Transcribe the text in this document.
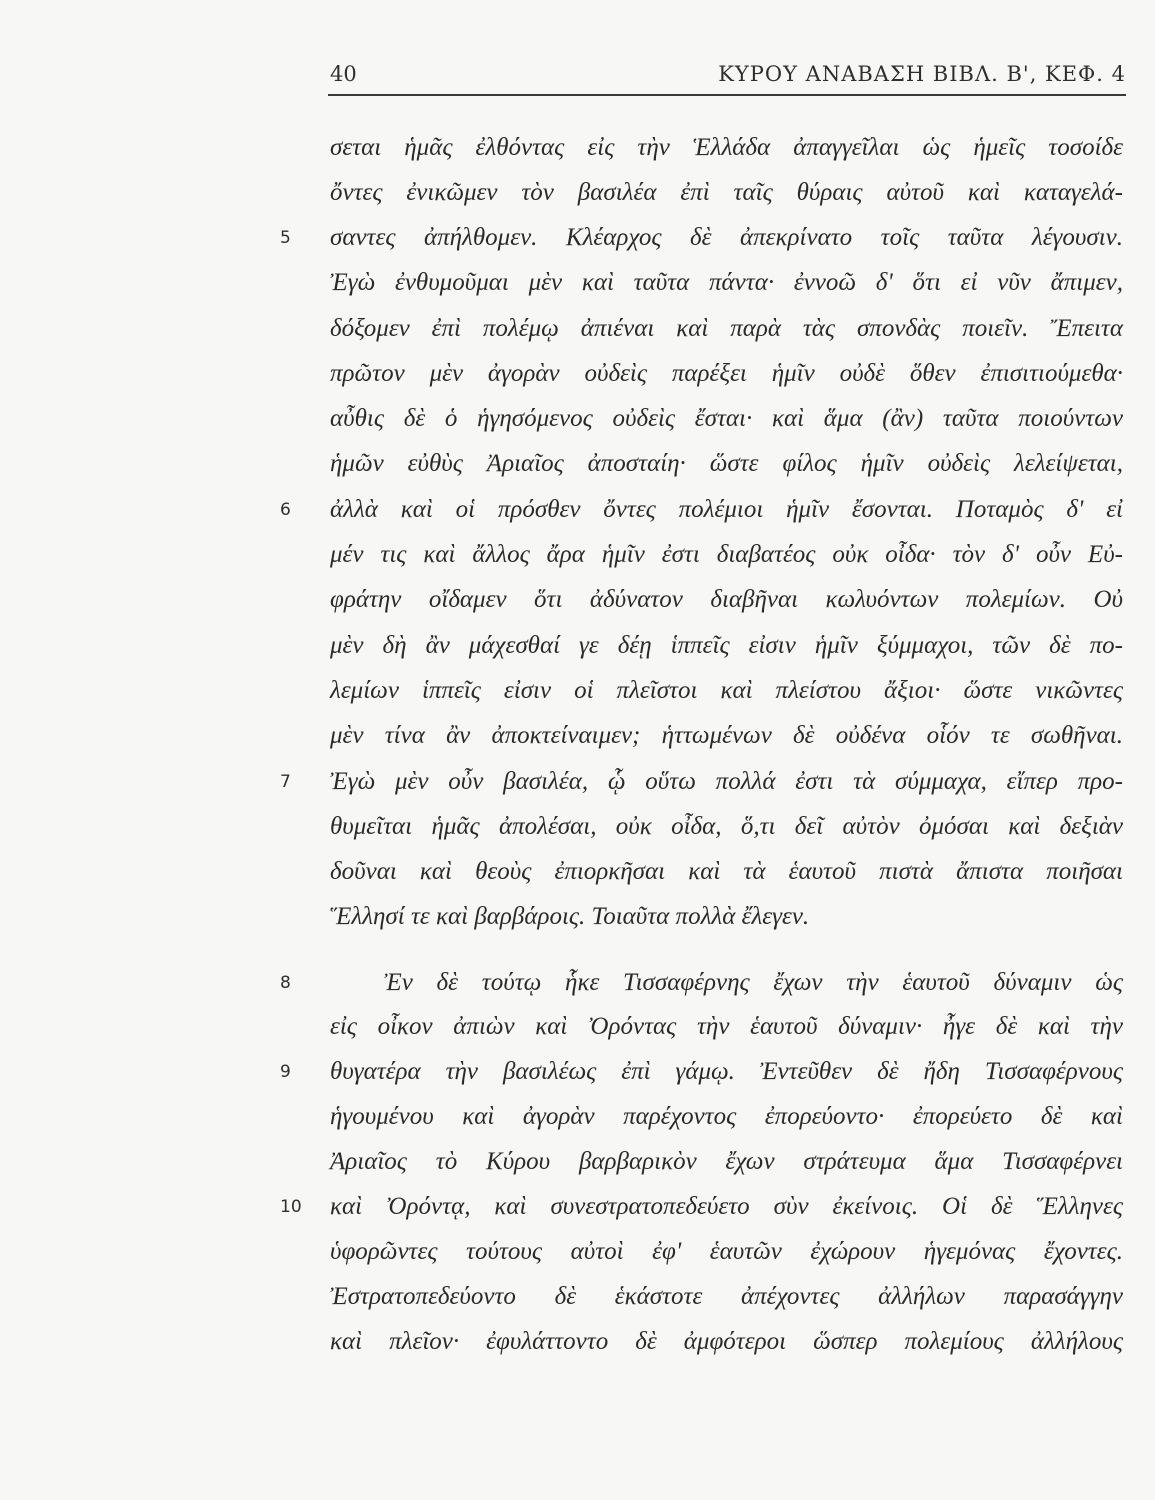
40	ΚΥΡΟΥ ΑΝΑΒΑΣΗ ΒΙΒΛ. Β', ΚΕΦ. 4
5
6
7
8
9
10
σεται ἡμᾶς ἐλθόντας εἰς τὴν Ἑλλάδα ἀπαγγεῖλαι ὡς ἡμεῖς τοσοίδε
ὄντες ἐνικῶμεν τὸν βασιλέα ἐπὶ ταῖς θύραις αὐτοῦ καὶ καταγελά-
σαντες ἀπήλθομεν. Κλέαρχος δὲ ἀπεκρίνατο τοῖς ταῦτα λέγουσιν.
Ἐγὼ ἐνθυμοῦμαι μὲν καὶ ταῦτα πάντα· ἐννοῶ δ' ὅτι εἰ νῦν ἄπιμεν,
δόξομεν ἐπὶ πολέμῳ ἀπιέναι καὶ παρὰ τὰς σπονδὰς ποιεῖν. Ἔπειτα
πρῶτον μὲν ἀγορὰν οὐδεὶς παρέξει ἡμῖν οὐδὲ ὅθεν ἐπισιτιούμεθα·
αὖθις δὲ ὁ ἡγησόμενος οὐδεὶς ἔσται· καὶ ἅμα (ἂν) ταῦτα ποιούντων
ἡμῶν εὐθὺς Ἀριαῖος ἀποσταίη· ὥστε φίλος ἡμῖν οὐδεὶς λελείψεται,
ἀλλὰ καὶ οἱ πρόσθεν ὄντες πολέμιοι ἡμῖν ἔσονται. Ποταμὸς δ' εἰ
μέν τις καὶ ἄλλος ἄρα ἡμῖν ἐστι διαβατέος οὐκ οἶδα· τὸν δ' οὖν Εὐ-
φράτην οἴδαμεν ὅτι ἀδύνατον διαβῆναι κωλυόντων πολεμίων. Οὐ
μὲν δὴ ἂν μάχεσθαί γε δέῃ ἱππεῖς εἰσιν ἡμῖν ξύμμαχοι, τῶν δὲ πο-
λεμίων ἱππεῖς εἰσιν οἱ πλεῖστοι καὶ πλείστου ἄξιοι· ὥστε νικῶντες
μὲν τίνα ἂν ἀποκτείναιμεν; ἡττωμένων δὲ οὐδένα οἷόν τε σωθῆναι.
Ἐγὼ μὲν οὖν βασιλέα, ᾧ οὕτω πολλά ἐστι τὰ σύμμαχα, εἴπερ προ-
θυμεῖται ἡμᾶς ἀπολέσαι, οὐκ οἶδα, ὅ,τι δεῖ αὐτὸν ὀμόσαι καὶ δεξιὰν
δοῦναι καὶ θεοὺς ἐπιορκῆσαι καὶ τὰ ἑαυτοῦ πιστὰ ἄπιστα ποιῆσαι
Ἕλλησί τε καὶ βαρβάροις. Τοιαῦτα πολλὰ ἔλεγεν.
Ἐν δὲ τούτῳ ἧκε Τισσαφέρνης ἔχων τὴν ἑαυτοῦ δύναμιν ὡς
εἰς οἶκον ἀπιὼν καὶ Ὀρόντας τὴν ἑαυτοῦ δύναμιν· ἦγε δὲ καὶ τὴν
θυγατέρα τὴν βασιλέως ἐπὶ γάμῳ. Ἐντεῦθεν δὲ ἤδη Τισσαφέρνους
ἡγουμένου καὶ ἀγορὰν παρέχοντος ἐπορεύοντο· ἐπορεύετο δὲ καὶ
Ἀριαῖος τὸ Κύρου βαρβαρικὸν ἔχων στράτευμα ἅμα Τισσαφέρνει
καὶ Ὀρόντᾳ, καὶ συνεστρατοπεδεύετο σὺν ἐκείνοις. Οἱ δὲ Ἕλληνες
ὑφορῶντες τούτους αὐτοὶ ἐφ' ἑαυτῶν ἐχώρουν ἡγεμόνας ἔχοντες.
Ἐστρατοπεδεύοντο δὲ ἑκάστοτε ἀπέχοντες ἀλλήλων παρασάγγην
καὶ πλεῖον· ἐφυλάττοντο δὲ ἀμφότεροι ὥσπερ πολεμίους ἀλλήλους
